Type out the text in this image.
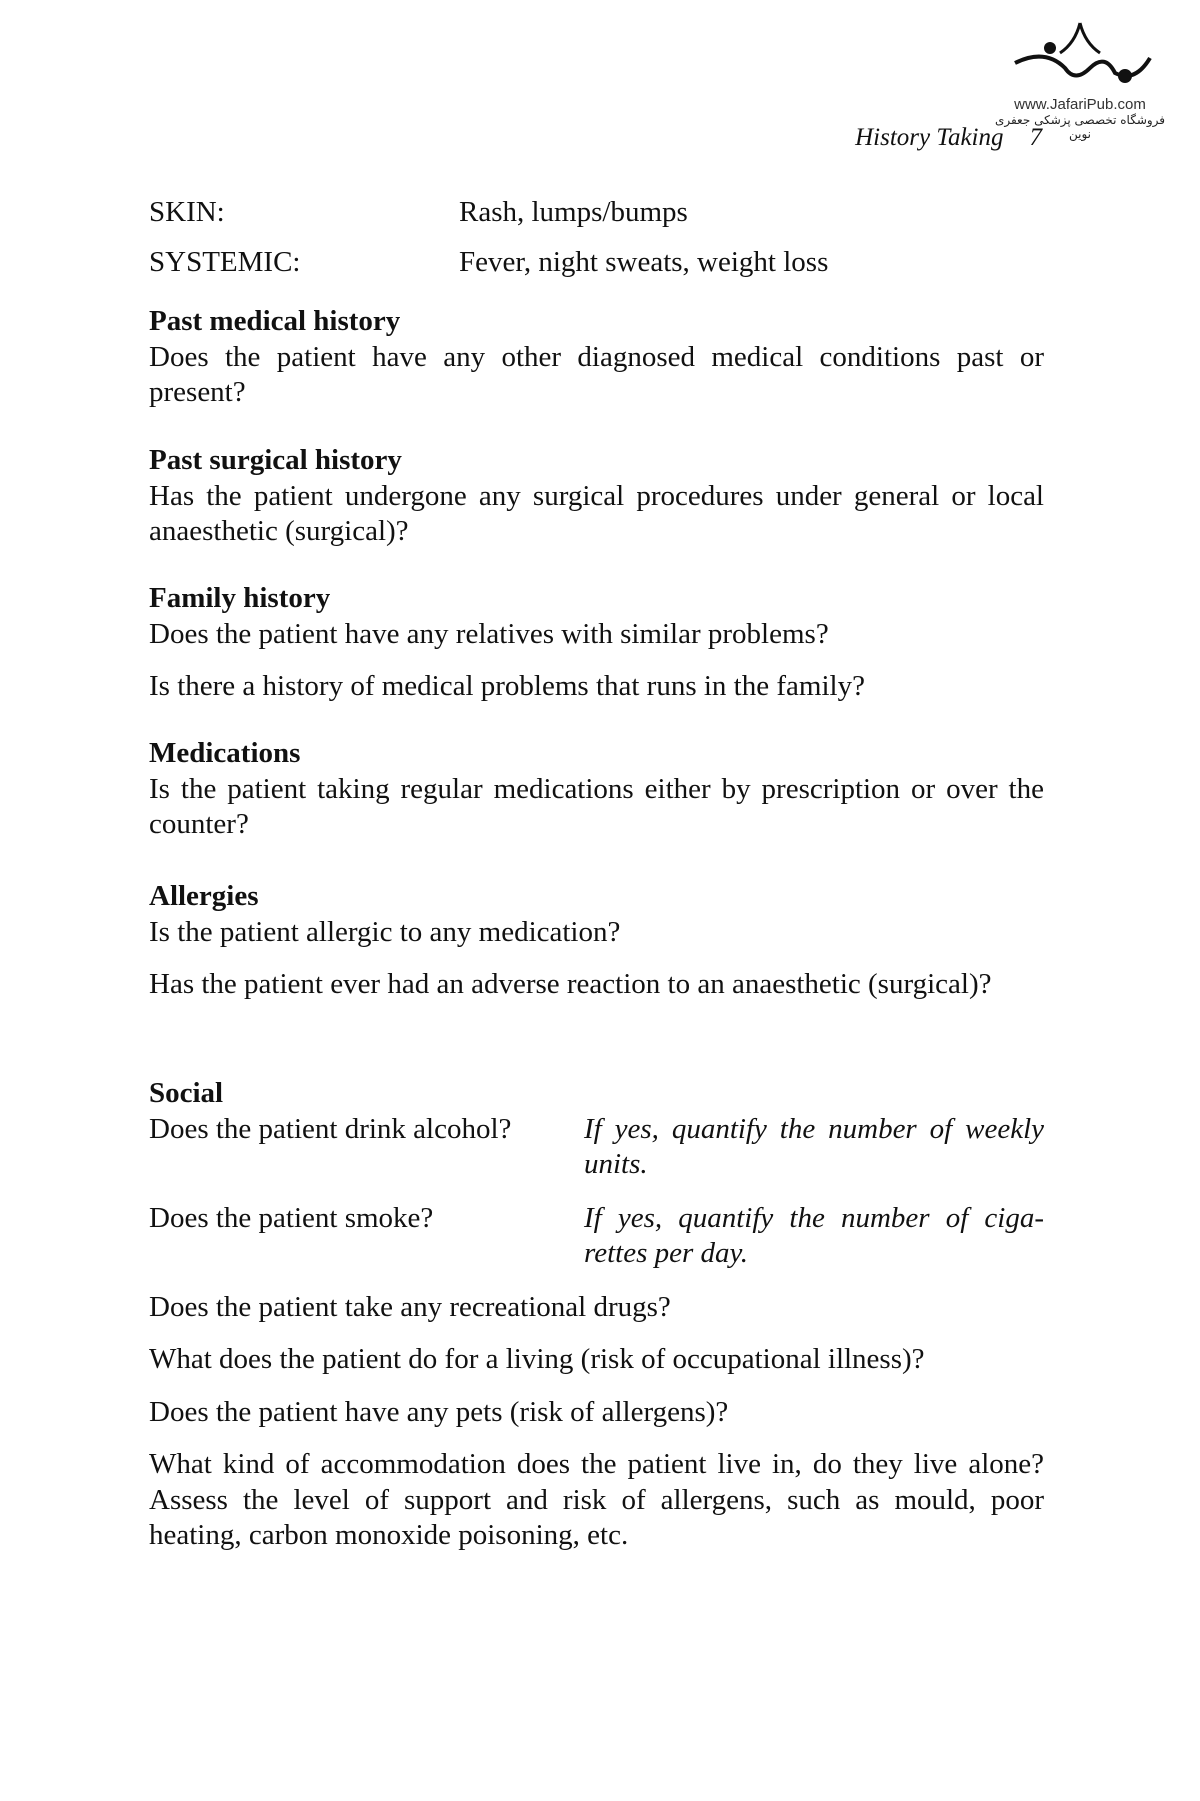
www.JafariPub.com
فروشگاه تخصصی پزشکی جعفری نوین
History Taking 7
SKIN:	Rash, lumps/bumps
SYSTEMIC:	Fever, night sweats, weight loss
Past medical history

Does the patient have any other diagnosed medical conditions past or present?

Past surgical history

Has the patient undergone any surgical procedures under general or local anaesthetic (surgical)?

Family history

Does the patient have any relatives with similar problems?

Is there a history of medical problems that runs in the family?

Medications

Is the patient taking regular medications either by prescription or over the counter?

Allergies

Is the patient allergic to any medication?

Has the patient ever had an adverse reaction to an anaesthetic (surgical)?

Social
Does the patient drink alcohol?	If yes, quantify the number of weekly units.
Does the patient smoke?	If yes, quantify the number of ciga-rettes per day.

Does the patient take any recreational drugs?

What does the patient do for a living (risk of occupational illness)?

Does the patient have any pets (risk of allergens)?

What kind of accommodation does the patient live in, do they live alone? Assess the level of support and risk of allergens, such as mould, poor heating, carbon monoxide poisoning, etc.
